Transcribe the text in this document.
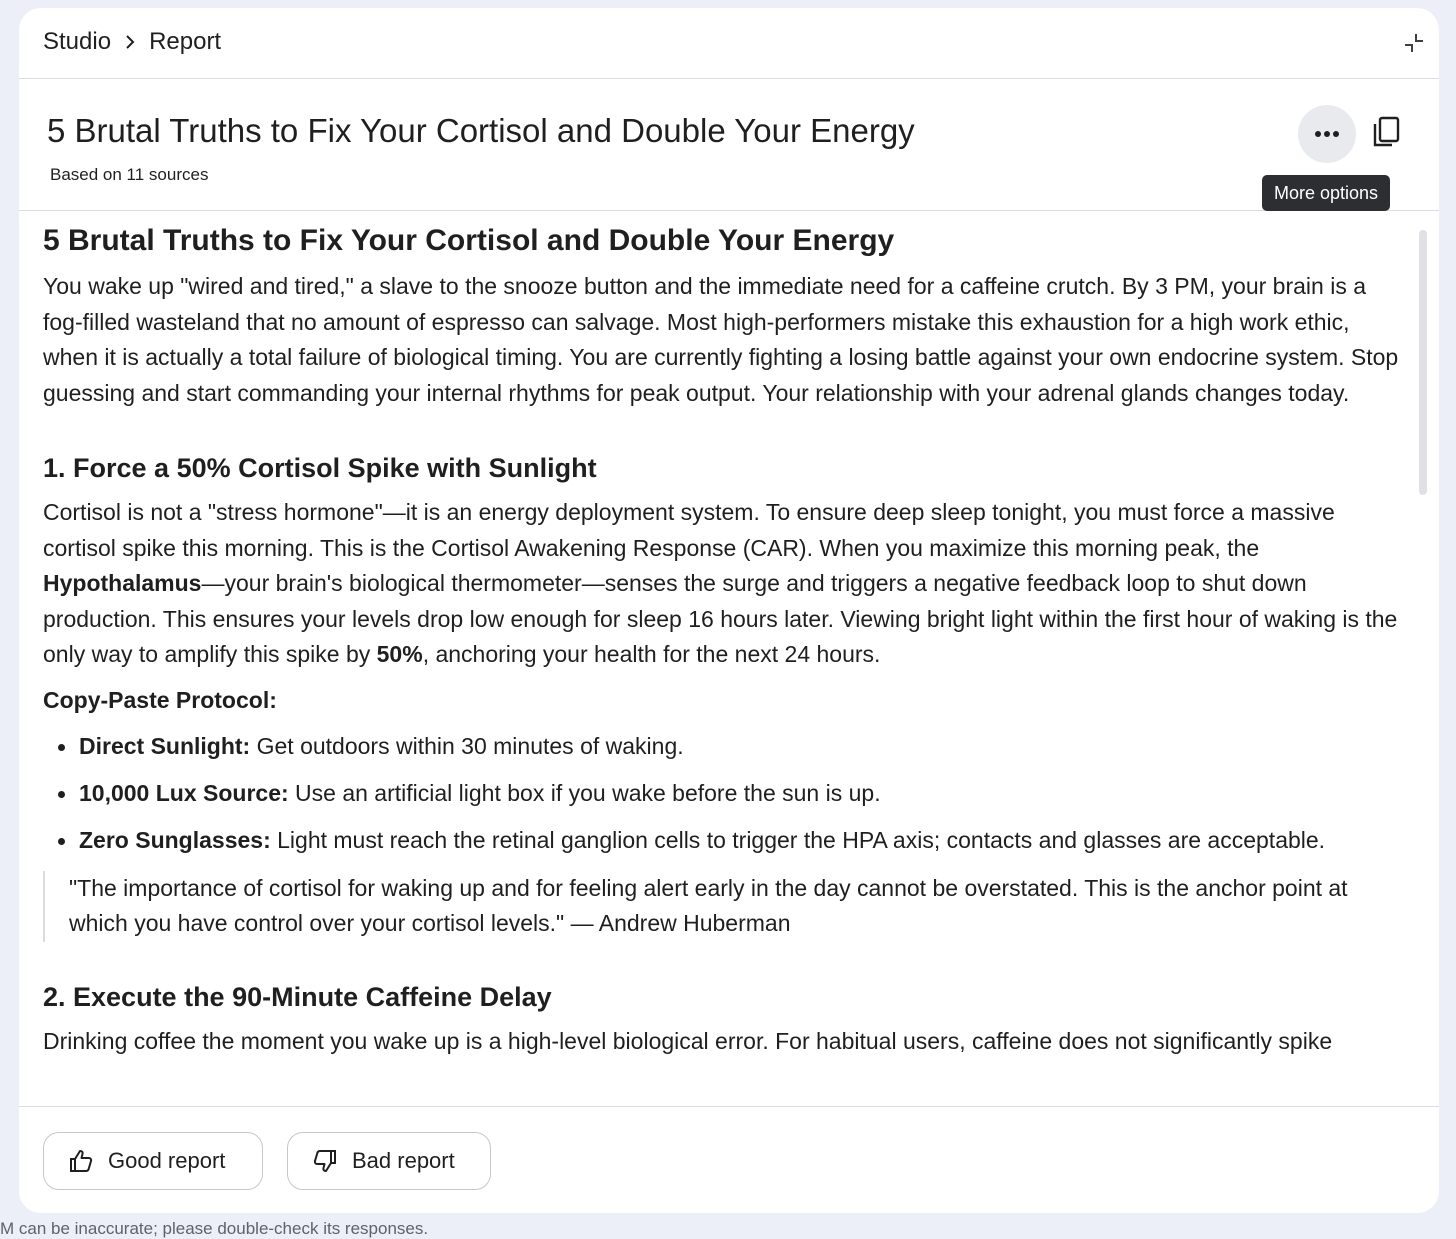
Studio Report
5 Brutal Truths to Fix Your Cortisol and Double Your Energy
Based on 11 sources
More options
5 Brutal Truths to Fix Your Cortisol and Double Your Energy

You wake up "wired and tired," a slave to the snooze button and the immediate need for a caffeine crutch. By 3 PM, your brain is a fog-filled wasteland that no amount of espresso can salvage. Most high-performers mistake this exhaustion for a high work ethic, when it is actually a total failure of biological timing. You are currently fighting a losing battle against your own endocrine system. Stop guessing and start commanding your internal rhythms for peak output. Your relationship with your adrenal glands changes today.

1. Force a 50% Cortisol Spike with Sunlight

Cortisol is not a "stress hormone"—it is an energy deployment system. To ensure deep sleep tonight, you must force a massive cortisol spike this morning. This is the Cortisol Awakening Response (CAR). When you maximize this morning peak, the Hypothalamus—your brain's biological thermometer—senses the surge and triggers a negative feedback loop to shut down production. This ensures your levels drop low enough for sleep 16 hours later. Viewing bright light within the first hour of waking is the only way to amplify this spike by 50%, anchoring your health for the next 24 hours.

Copy-Paste Protocol:
Direct Sunlight: Get outdoors within 30 minutes of waking.
10,000 Lux Source: Use an artificial light box if you wake before the sun is up.
Zero Sunglasses: Light must reach the retinal ganglion cells to trigger the HPA axis; contacts and glasses are acceptable.
"The importance of cortisol for waking up and for feeling alert early in the day cannot be overstated. This is the anchor point at which you have control over your cortisol levels." — Andrew Huberman
2. Execute the 90-Minute Caffeine Delay

Drinking coffee the moment you wake up is a high-level biological error. For habitual users, caffeine does not significantly spike

Good report	Bad report
M can be inaccurate; please double-check its responses.
